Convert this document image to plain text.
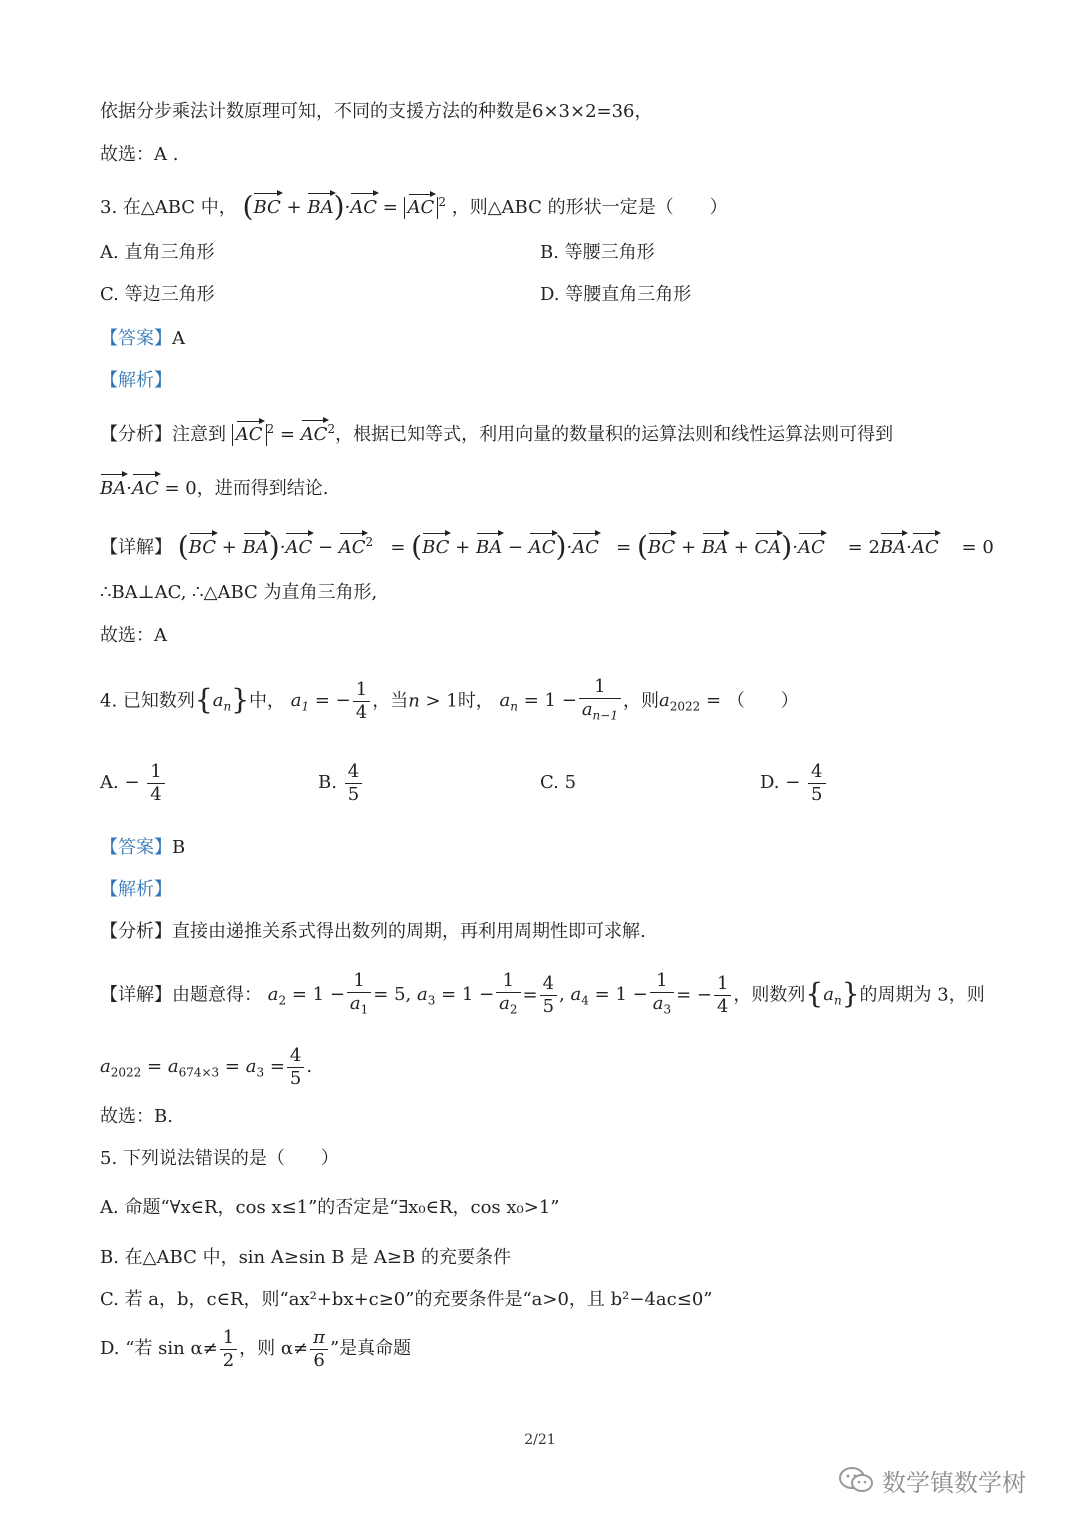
依据分步乘法计数原理可知，不同的支援方法的种数是6×3×2=36，
故选：A .
3. 在△ABC 中， (BC + BA)·AC = AC $^2$ ，则△ABC 的形状一定是（　　）
A. 直角三角形	B. 等腰三角形
C. 等边三角形	D. 等腰直角三角形
【答案】A
【解析】
【分析】注意到 AC $^2 = AC^2$，根据已知等式，利用向量的数量积的运算法则和线性运算法则可得到
BA·AC = 0，进而得到结论.
【详解】 $(BC + BA)\cdot AC - AC^2 = (BC$ + BA − AC)·AC   = (BC + BA + CA)·AC    = 2BA·AC = 0
∴BA⊥AC, ∴△ABC 为直角三角形,
故选：A
4. 已知数列$\{a_n\}$中， $a_1$ = − $\frac{1}{4}$ ，当n > 1时， $a_n = 1 - \frac{1}{a_{n-1}}$ ，则$a_{2022}$ = （　　）
A. − $\frac{1}{4}$	B. $\frac{4}{5}$	C. 5	D. − $\frac{4}{5}$
【答案】B
【解析】
【分析】直接由递推关系式得出数列的周期，再利用周期性即可求解.
【详解】由题意得： $a_2 = 1 - \frac{1}{a_1} = 5$, $a_3 = 1 - \frac{1}{a_2} = \frac{4}{5}$ , $a_4 = 1 - \frac{1}{a_3}$ = − $\frac{1}{4}$ ，则数列$\{a_n\}$的周期为 3，则
$a_{2022} = a_{674\times 3} = a_3 = \frac{4}{5}$ .
故选：B.
5. 下列说法错误的是（　　）
A. 命题“∀x∈R，cos x≤1”的否定是“∃x₀∈R，cos x₀>1”
B. 在△ABC 中，sin A≥sin B 是 A≥B 的充要条件
C. 若 a，b，c∈R，则“ax²+bx+c≥0”的充要条件是“a>0，且 b²−4ac≤0”
D. “若 $\sin \alpha\ne \frac{1}{2}$ ，则 $\alpha\ne \frac{\pi}{6}$ ”是真命题
2/21
数学镇数学树
